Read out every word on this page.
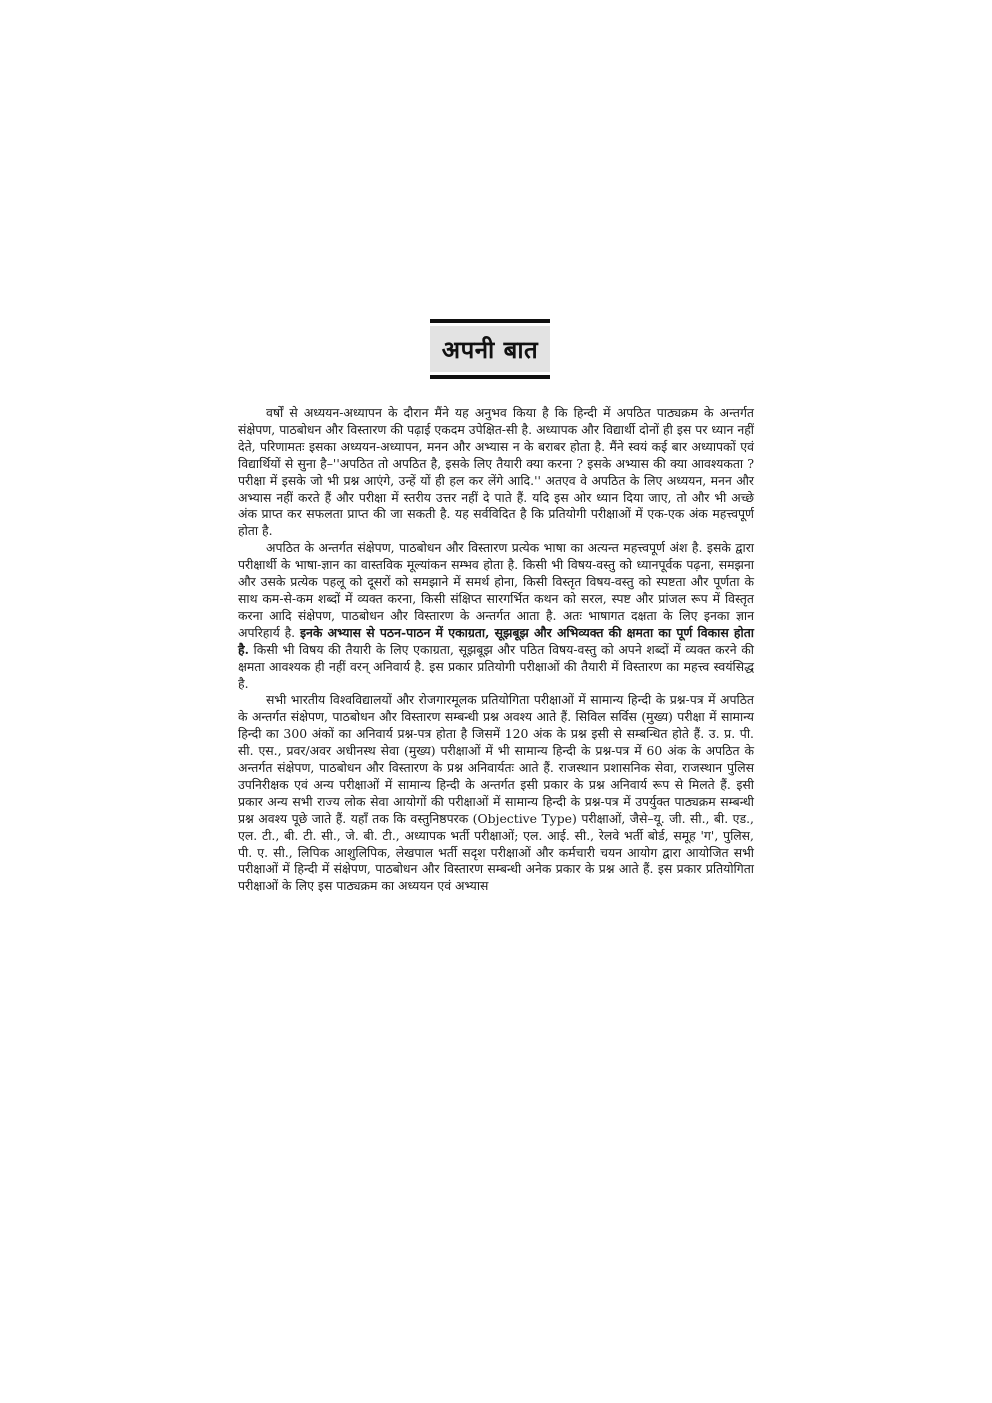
अपनी बात

वर्षों से अध्ययन-अध्यापन के दौरान मैंने यह अनुभव किया है कि हिन्दी में अपठित पाठ्यक्रम के अन्तर्गत संक्षेपण, पाठबोधन और विस्तारण की पढ़ाई एकदम उपेक्षित-सी है. अध्यापक और विद्यार्थी दोनों ही इस पर ध्यान नहीं देते, परिणामतः इसका अध्ययन-अध्यापन, मनन और अभ्यास न के बराबर होता है. मैंने स्वयं कई बार अध्यापकों एवं विद्यार्थियों से सुना है–''अपठित तो अपठित है, इसके लिए तैयारी क्या करना ? इसके अभ्यास की क्या आवश्यकता ? परीक्षा में इसके जो भी प्रश्न आएंगे, उन्हें यों ही हल कर लेंगे आदि.'' अतएव वे अपठित के लिए अध्ययन, मनन और अभ्यास नहीं करते हैं और परीक्षा में स्तरीय उत्तर नहीं दे पाते हैं. यदि इस ओर ध्यान दिया जाए, तो और भी अच्छे अंक प्राप्त कर सफलता प्राप्त की जा सकती है. यह सर्वविदित है कि प्रतियोगी परीक्षाओं में एक-एक अंक महत्त्वपूर्ण होता है.

अपठित के अन्तर्गत संक्षेपण, पाठबोधन और विस्तारण प्रत्येक भाषा का अत्यन्त महत्त्वपूर्ण अंश है. इसके द्वारा परीक्षार्थी के भाषा-ज्ञान का वास्तविक मूल्यांकन सम्भव होता है. किसी भी विषय-वस्तु को ध्यानपूर्वक पढ़ना, समझना और उसके प्रत्येक पहलू को दूसरों को समझाने में समर्थ होना, किसी विस्तृत विषय-वस्तु को स्पष्टता और पूर्णता के साथ कम-से-कम शब्दों में व्यक्त करना, किसी संक्षिप्त सारगर्भित कथन को सरल, स्पष्ट और प्रांजल रूप में विस्तृत करना आदि संक्षेपण, पाठबोधन और विस्तारण के अन्तर्गत आता है. अतः भाषागत दक्षता के लिए इनका ज्ञान अपरिहार्य है. इनके अभ्यास से पठन-पाठन में एकाग्रता, सूझबूझ और अभिव्यक्त की क्षमता का पूर्ण विकास होता है. किसी भी विषय की तैयारी के लिए एकाग्रता, सूझबूझ और पठित विषय-वस्तु को अपने शब्दों में व्यक्त करने की क्षमता आवश्यक ही नहीं वरन् अनिवार्य है. इस प्रकार प्रतियोगी परीक्षाओं की तैयारी में विस्तारण का महत्त्व स्वयंसिद्ध है.

सभी भारतीय विश्वविद्यालयों और रोजगारमूलक प्रतियोगिता परीक्षाओं में सामान्य हिन्दी के प्रश्न-पत्र में अपठित के अन्तर्गत संक्षेपण, पाठबोधन और विस्तारण सम्बन्धी प्रश्न अवश्य आते हैं. सिविल सर्विस (मुख्य) परीक्षा में सामान्य हिन्दी का 300 अंकों का अनिवार्य प्रश्न-पत्र होता है जिसमें 120 अंक के प्रश्न इसी से सम्बन्धित होते हैं. उ. प्र. पी. सी. एस., प्रवर/अवर अधीनस्थ सेवा (मुख्य) परीक्षाओं में भी सामान्य हिन्दी के प्रश्न-पत्र में 60 अंक के अपठित के अन्तर्गत संक्षेपण, पाठबोधन और विस्तारण के प्रश्न अनिवार्यतः आते हैं. राजस्थान प्रशासनिक सेवा, राजस्थान पुलिस उपनिरीक्षक एवं अन्य परीक्षाओं में सामान्य हिन्दी के अन्तर्गत इसी प्रकार के प्रश्न अनिवार्य रूप से मिलते हैं. इसी प्रकार अन्य सभी राज्य लोक सेवा आयोगों की परीक्षाओं में सामान्य हिन्दी के प्रश्न-पत्र में उपर्युक्त पाठ्यक्रम सम्बन्धी प्रश्न अवश्य पूछे जाते हैं. यहाँ तक कि वस्तुनिष्ठपरक (Objective Type) परीक्षाओं, जैसे–यू. जी. सी., बी. एड., एल. टी., बी. टी. सी., जे. बी. टी., अध्यापक भर्ती परीक्षाओं; एल. आई. सी., रेलवे भर्ती बोर्ड, समूह 'ग', पुलिस, पी. ए. सी., लिपिक आशुलिपिक, लेखपाल भर्ती सदृश परीक्षाओं और कर्मचारी चयन आयोग द्वारा आयोजित सभी परीक्षाओं में हिन्दी में संक्षेपण, पाठबोधन और विस्तारण सम्बन्धी अनेक प्रकार के प्रश्न आते हैं. इस प्रकार प्रतियोगिता परीक्षाओं के लिए इस पाठ्यक्रम का अध्ययन एवं अभ्यास
